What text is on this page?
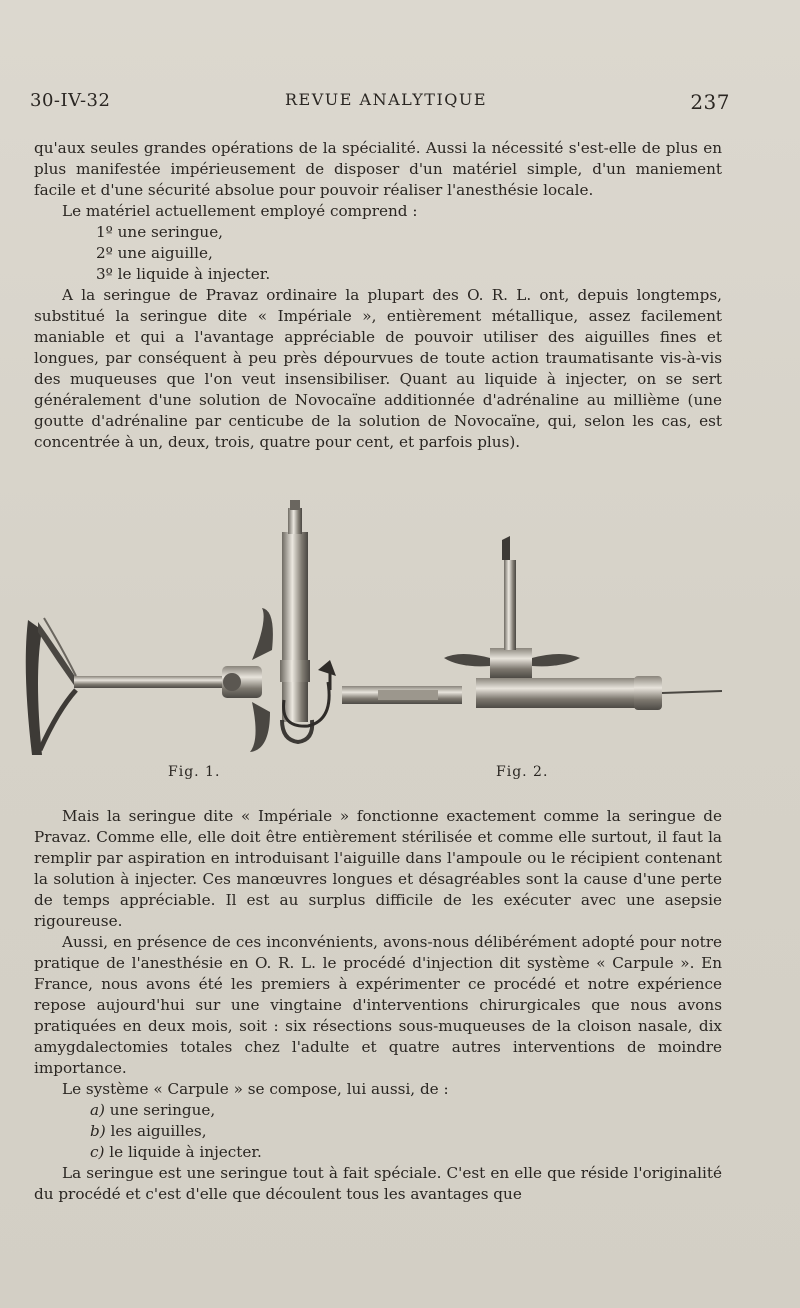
30-IV-32	REVUE ANALYTIQUE	237

qu'aux seules grandes opérations de la spécialité. Aussi la nécessité s'est-elle de plus en plus manifestée impérieusement de disposer d'un matériel simple, d'un maniement facile et d'une sécurité absolue pour pouvoir réaliser l'anesthésie locale.

Le matériel actuellement employé comprend :

1º une seringue,

2º une aiguille,

3º le liquide à injecter.

A la seringue de Pravaz ordinaire la plupart des O. R. L. ont, depuis longtemps, substitué la seringue dite « Impériale », entièrement métallique, assez facilement maniable et qui a l'avantage appréciable de pouvoir utiliser des aiguilles fines et longues, par conséquent à peu près dépourvues de toute action traumatisante vis-à-vis des muqueuses que l'on veut insensibiliser. Quant au liquide à injecter, on se sert généralement d'une solution de Novocaïne additionnée d'adrénaline au millième (une goutte d'adrénaline par centicube de la solution de Novocaïne, qui, selon les cas, est concentrée à un, deux, trois, quatre pour cent, et parfois plus).

Fig. 1.	Fig. 2.

Mais la seringue dite « Impériale » fonctionne exactement comme la seringue de Pravaz. Comme elle, elle doit être entièrement stérilisée et comme elle surtout, il faut la remplir par aspiration en introduisant l'aiguille dans l'ampoule ou le récipient contenant la solution à injecter. Ces manœuvres longues et désagréables sont la cause d'une perte de temps appréciable. Il est au surplus difficile de les exécuter avec une asepsie rigoureuse.

Aussi, en présence de ces inconvénients, avons-nous délibérément adopté pour notre pratique de l'anesthésie en O. R. L. le procédé d'injection dit système « Carpule ». En France, nous avons été les premiers à expérimenter ce procédé et notre expérience repose aujourd'hui sur une vingtaine d'interventions chirurgicales que nous avons pratiquées en deux mois, soit : six résections sous-muqueuses de la cloison nasale, dix amygdalectomies totales chez l'adulte et quatre autres interventions de moindre importance.

Le système « Carpule » se compose, lui aussi, de :

a) une seringue,

b) les aiguilles,

c) le liquide à injecter.

La seringue est une seringue tout à fait spéciale. C'est en elle que réside l'originalité du procédé et c'est d'elle que découlent tous les avantages que
